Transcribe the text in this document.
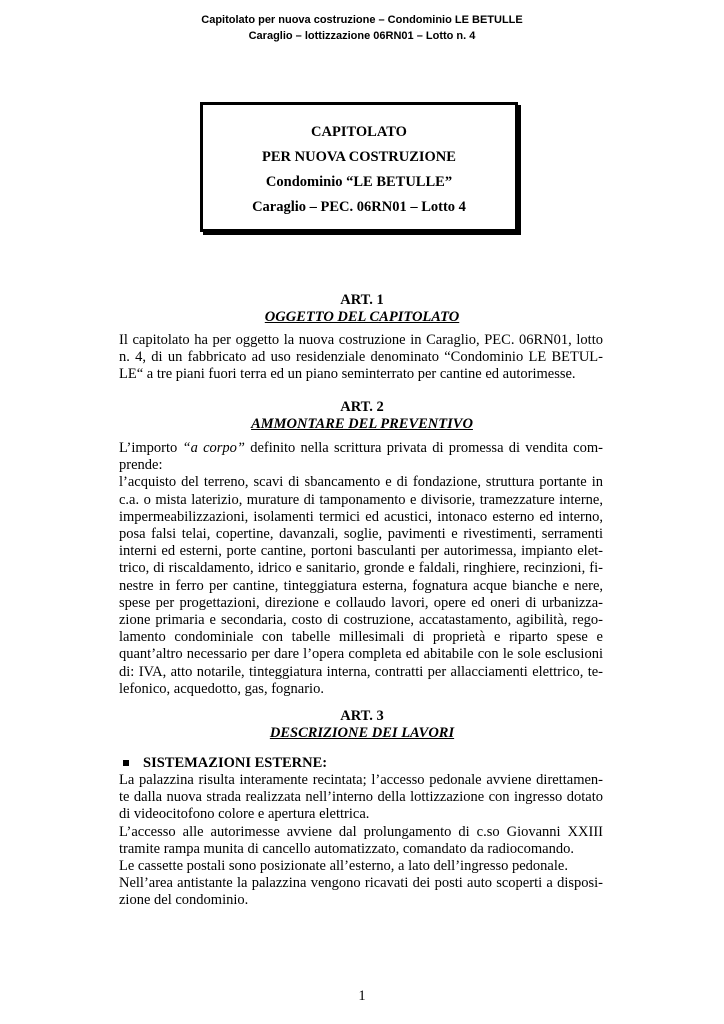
Capitolato per nuova costruzione – Condominio LE BETULLE
Caraglio – lottizzazione 06RN01 – Lotto n. 4
CAPITOLATO
PER NUOVA COSTRUZIONE
Condominio “LE BETULLE”
Caraglio – PEC. 06RN01 – Lotto 4
ART. 1
OGGETTO DEL CAPITOLATO
Il capitolato ha per oggetto la nuova costruzione in Caraglio, PEC. 06RN01, lotto
n. 4, di un fabbricato ad uso residenziale denominato “Condominio LE BETUL-
LE“ a tre piani fuori terra ed un piano seminterrato per cantine ed autorimesse.
ART. 2
AMMONTARE DEL PREVENTIVO
L’importo “a corpo” definito nella scrittura privata di promessa di vendita com-
prende:
l’acquisto del terreno, scavi di sbancamento e di fondazione, struttura portante in
c.a. o mista laterizio, murature di tamponamento e divisorie, tramezzature interne,
impermeabilizzazioni, isolamenti termici ed acustici, intonaco esterno ed interno,
posa falsi telai, copertine, davanzali, soglie, pavimenti e rivestimenti, serramenti
interni ed esterni, porte cantine, portoni basculanti per autorimessa, impianto elet-
trico, di riscaldamento, idrico e sanitario, gronde e faldali, ringhiere, recinzioni, fi-
nestre in ferro per cantine, tinteggiatura esterna, fognatura acque bianche e nere,
spese per progettazioni, direzione e collaudo lavori, opere ed oneri di urbanizza-
zione primaria e secondaria, costo di costruzione, accatastamento, agibilità, rego-
lamento condominiale con tabelle millesimali di proprietà e riparto spese e
quant’altro necessario per dare l’opera completa ed abitabile con le sole esclusioni
di: IVA, atto notarile, tinteggiatura interna, contratti per allacciamenti elettrico, te-
lefonico, acquedotto, gas, fognario.
ART. 3
DESCRIZIONE DEI LAVORI
SISTEMAZIONI ESTERNE:
La palazzina risulta interamente recintata; l’accesso pedonale avviene direttamen-
te dalla nuova strada realizzata nell’interno della lottizzazione con ingresso dotato
di videocitofono colore e apertura elettrica.
L’accesso alle autorimesse avviene dal prolungamento di c.so Giovanni XXIII
tramite rampa munita di cancello automatizzato, comandato da radiocomando.
Le cassette postali sono posizionate all’esterno, a lato dell’ingresso pedonale.
Nell’area antistante la palazzina vengono ricavati dei posti auto scoperti a disposi-
zione del condominio.
1
